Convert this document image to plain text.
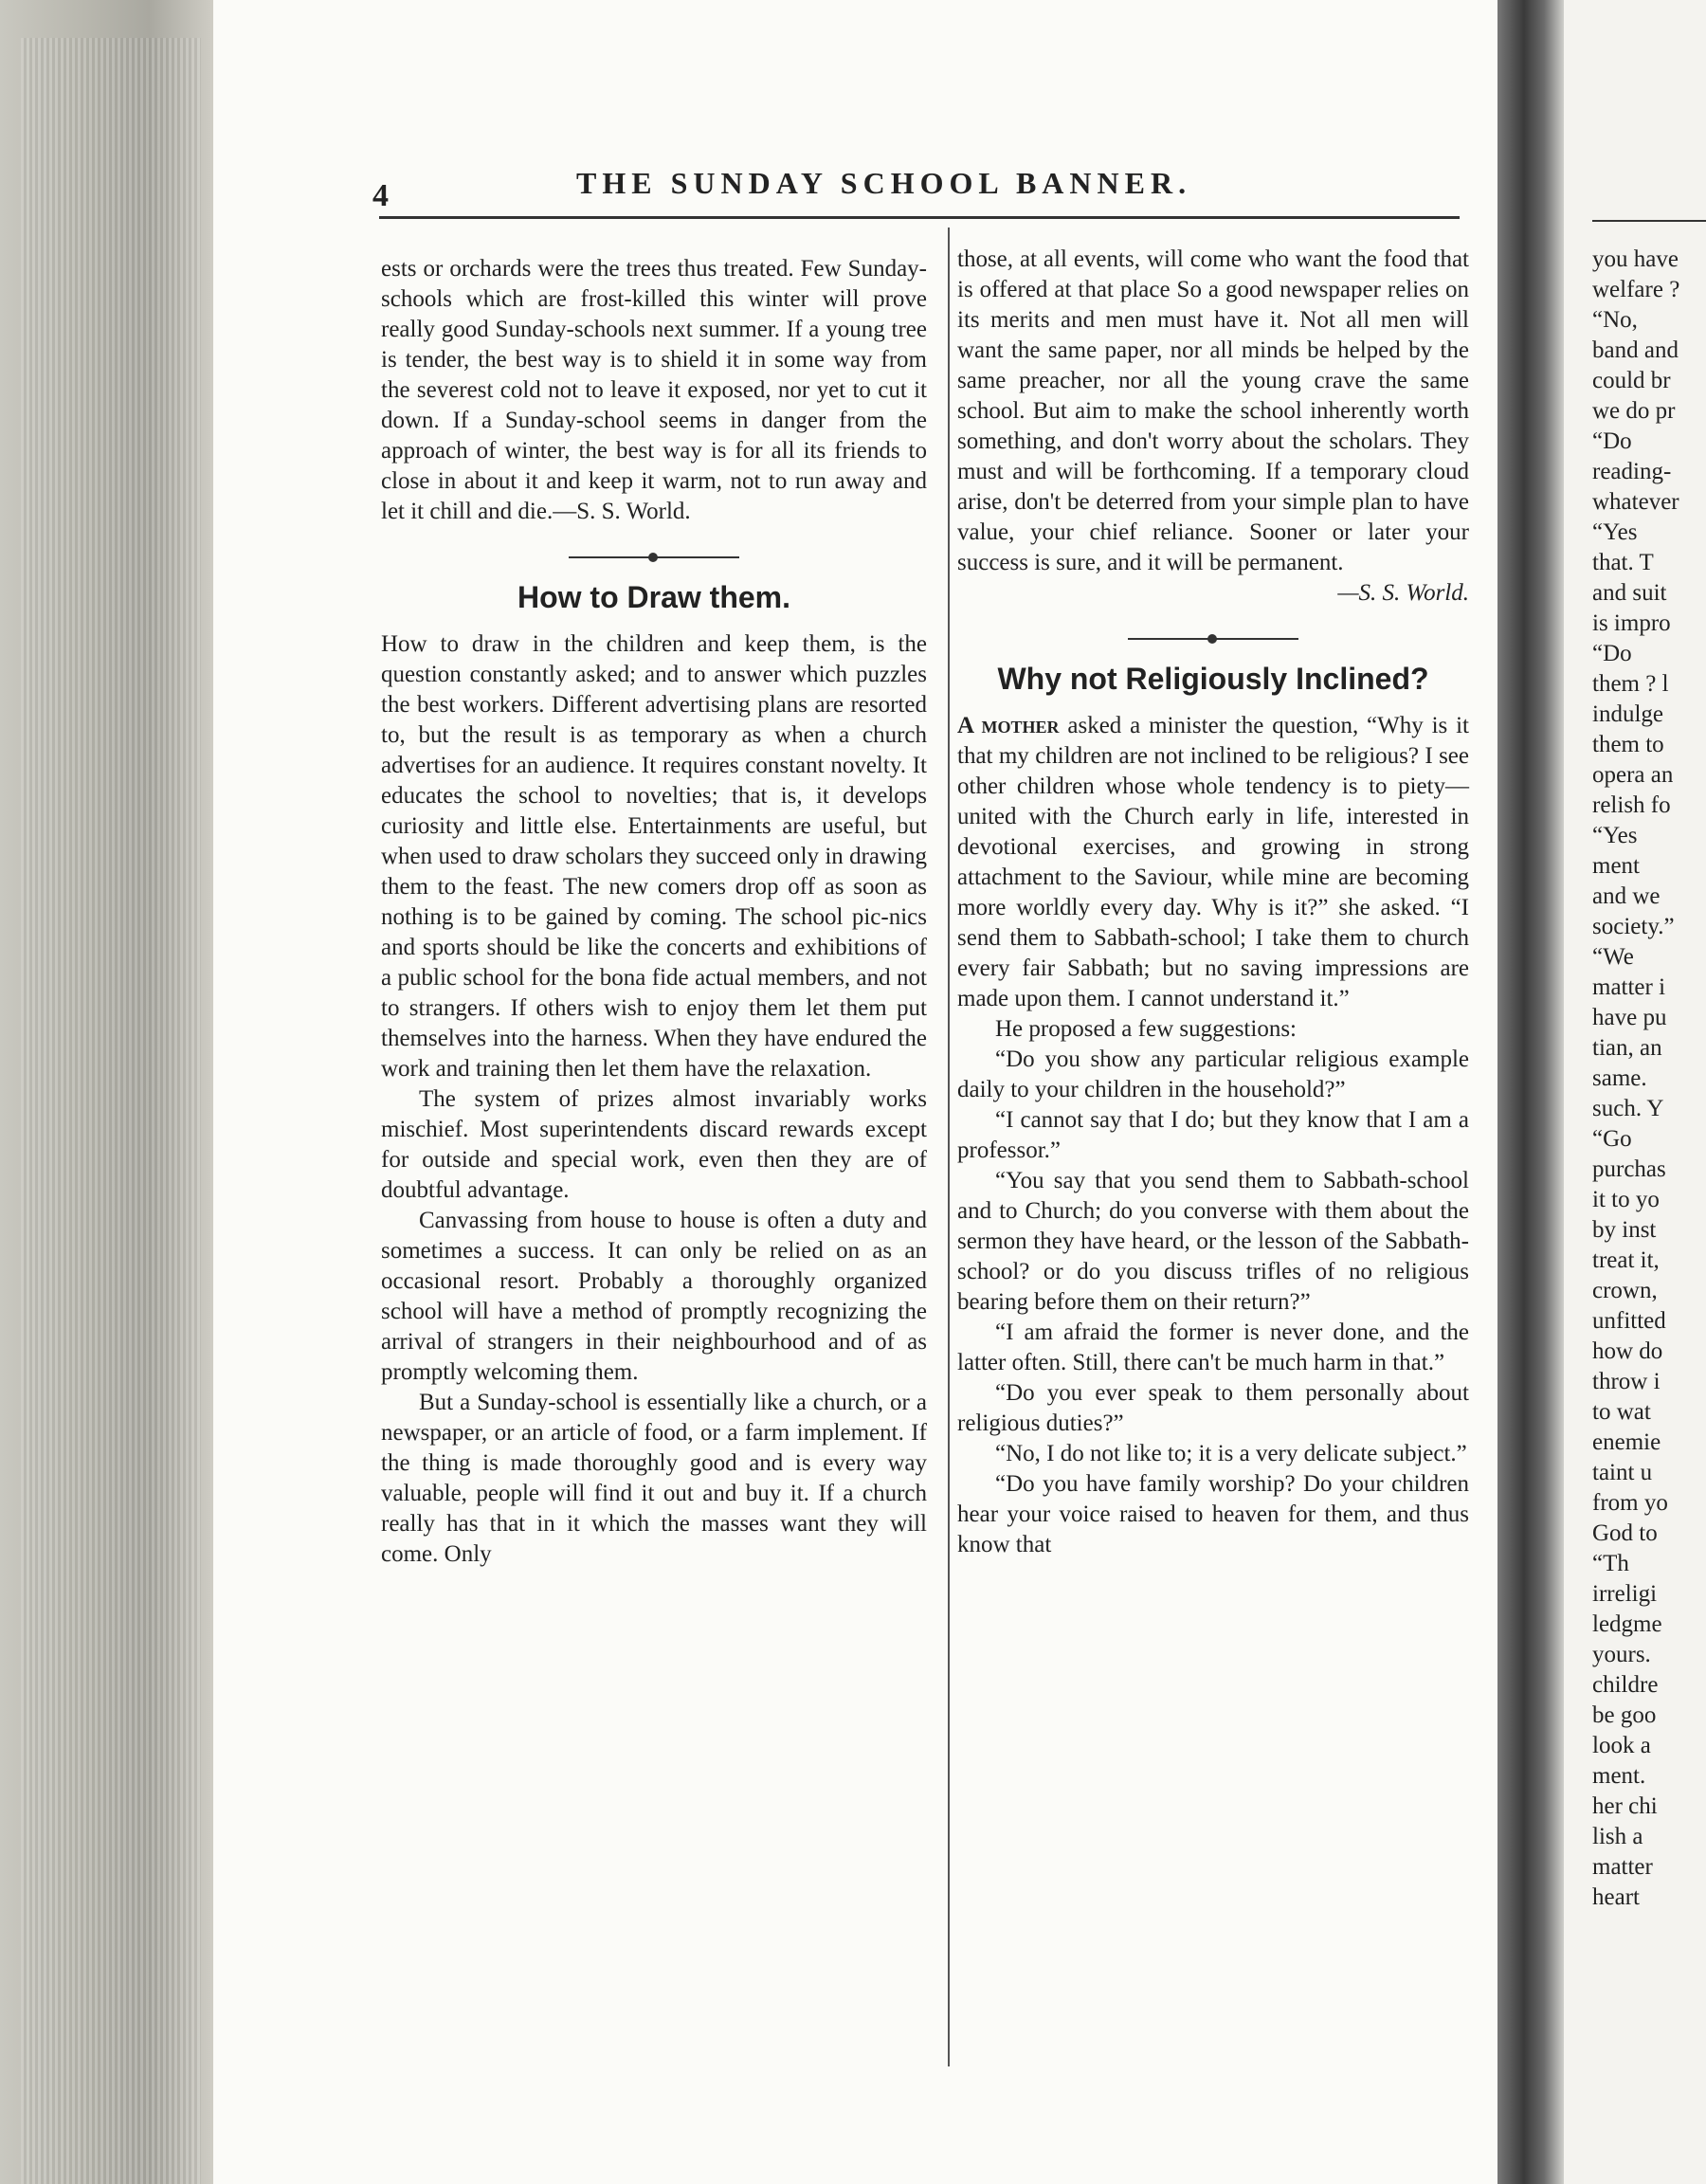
4	THE SUNDAY SCHOOL BANNER.

ests or orchards were the trees thus treated. Few Sunday-schools which are frost-killed this winter will prove really good Sunday-schools next summer. If a young tree is tender, the best way is to shield it in some way from the severest cold not to leave it exposed, nor yet to cut it down. If a Sunday-school seems in danger from the approach of winter, the best way is for all its friends to close in about it and keep it warm, not to run away and let it chill and die.—S. S. World.

How to Draw them.

How to draw in the children and keep them, is the question constantly asked; and to answer which puzzles the best workers. Different advertising plans are resorted to, but the result is as temporary as when a church advertises for an audience. It requires constant novelty. It educates the school to novelties; that is, it develops curiosity and little else. Entertainments are useful, but when used to draw scholars they succeed only in drawing them to the feast. The new comers drop off as soon as nothing is to be gained by coming. The school pic-nics and sports should be like the concerts and exhibitions of a public school for the bona fide actual members, and not to strangers. If others wish to enjoy them let them put themselves into the harness. When they have endured the work and training then let them have the relaxation.

The system of prizes almost invariably works mischief. Most superintendents discard rewards except for outside and special work, even then they are of doubtful advantage.

Canvassing from house to house is often a duty and sometimes a success. It can only be relied on as an occasional resort. Probably a thoroughly organized school will have a method of promptly recognizing the arrival of strangers in their neighbourhood and of as promptly welcoming them.

But a Sunday-school is essentially like a church, or a newspaper, or an article of food, or a farm implement. If the thing is made thoroughly good and is every way valuable, people will find it out and buy it. If a church really has that in it which the masses want they will come. Only

those, at all events, will come who want the food that is offered at that place So a good newspaper relies on its merits and men must have it. Not all men will want the same paper, nor all minds be helped by the same preacher, nor all the young crave the same school. But aim to make the school inherently worth something, and don't worry about the scholars. They must and will be forthcoming. If a temporary cloud arise, don't be deterred from your simple plan to have value, your chief reliance. Sooner or later your success is sure, and it will be permanent.

—S. S. World.

Why not Religiously Inclined?

A mother asked a minister the question, “Why is it that my children are not inclined to be religious? I see other children whose whole tendency is to piety—united with the Church early in life, interested in devotional exercises, and growing in strong attachment to the Saviour, while mine are becoming more worldly every day. Why is it?” she asked. “I send them to Sabbath-school; I take them to church every fair Sabbath; but no saving impressions are made upon them. I cannot understand it.”

He proposed a few suggestions:

“Do you show any particular religious example daily to your children in the household?”

“I cannot say that I do; but they know that I am a professor.”

“You say that you send them to Sabbath-school and to Church; do you converse with them about the sermon they have heard, or the lesson of the Sabbath-school? or do you discuss trifles of no religious bearing before them on their return?”

“I am afraid the former is never done, and the latter often. Still, there can't be much harm in that.”

“Do you ever speak to them personally about religious duties?”

“No, I do not like to; it is a very delicate subject.”

“Do you have family worship? Do your children hear your voice raised to heaven for them, and thus know that

you have
welfare ?
“No,
band and
could br
we do pr
“Do
reading-
whatever
“Yes
that. T
and suit
is impro
“Do
them ? l
indulge
them to
opera an
relish fo
“Yes
ment
and we
society.”
“We
matter i
have pu
tian, an
same.
such. Y
“Go
purchas
it to yo
by inst
treat it,
crown,
unfitted
how do
throw i
to wat
enemie
taint u
from yo
God to
“Th
irreligi
ledgme
yours.
childre
be goo
look a
ment.
her chi
lish a
matter
heart
